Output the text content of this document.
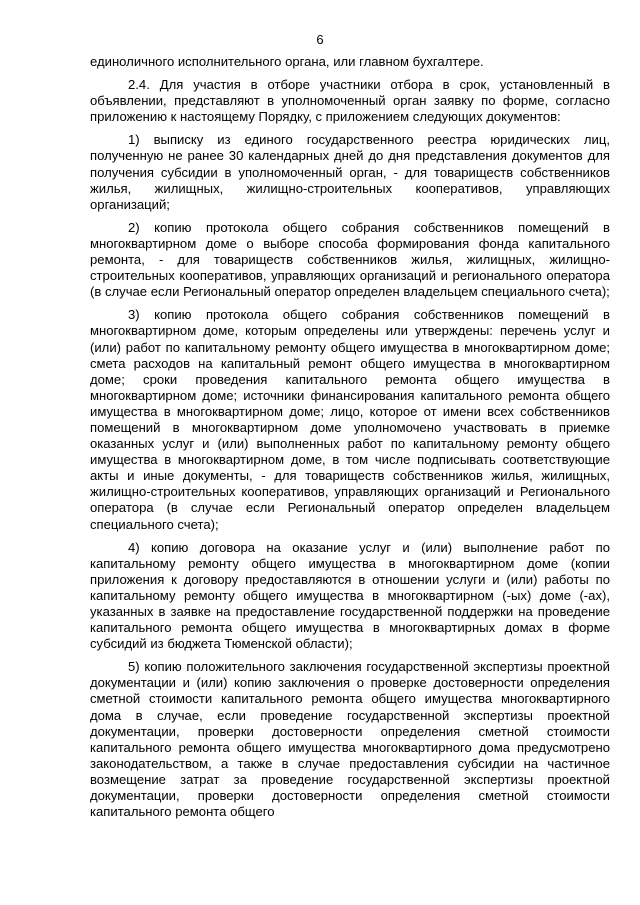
6

единоличного исполнительного органа, или главном бухгалтере.

2.4. Для участия в отборе участники отбора в срок, установленный в объявлении, представляют в уполномоченный орган заявку по форме, согласно приложению к настоящему Порядку, с приложением следующих документов:

1) выписку из единого государственного реестра юридических лиц, полученную не ранее 30 календарных дней до дня представления документов для получения субсидии в уполномоченный орган, - для товариществ собственников жилья, жилищных, жилищно-строительных кооперативов, управляющих организаций;

2) копию протокола общего собрания собственников помещений в многоквартирном доме о выборе способа формирования фонда капитального ремонта, - для товариществ собственников жилья, жилищных, жилищно-строительных кооперативов, управляющих организаций и регионального оператора (в случае если Региональный оператор определен владельцем специального счета);

3) копию протокола общего собрания собственников помещений в многоквартирном доме, которым определены или утверждены: перечень услуг и (или) работ по капитальному ремонту общего имущества в многоквартирном доме; смета расходов на капитальный ремонт общего имущества в многоквартирном доме; сроки проведения капитального ремонта общего имущества в многоквартирном доме; источники финансирования капитального ремонта общего имущества в многоквартирном доме; лицо, которое от имени всех собственников помещений в многоквартирном доме уполномочено участвовать в приемке оказанных услуг и (или) выполненных работ по капитальному ремонту общего имущества в многоквартирном доме, в том числе подписывать соответствующие акты и иные документы, - для товариществ собственников жилья, жилищных, жилищно-строительных кооперативов, управляющих организаций и Регионального оператора (в случае если Региональный оператор определен владельцем специального счета);

4) копию договора на оказание услуг и (или) выполнение работ по капитальному ремонту общего имущества в многоквартирном доме (копии приложения к договору предоставляются в отношении услуги и (или) работы по капитальному ремонту общего имущества в многоквартирном (-ых) доме (-ах), указанных в заявке на предоставление государственной поддержки на проведение капитального ремонта общего имущества в многоквартирных домах в форме субсидий из бюджета Тюменской области);

5) копию положительного заключения государственной экспертизы проектной документации и (или) копию заключения о проверке достоверности определения сметной стоимости капитального ремонта общего имущества многоквартирного дома в случае, если проведение государственной экспертизы проектной документации, проверки достоверности определения сметной стоимости капитального ремонта общего имущества многоквартирного дома предусмотрено законодательством, а также в случае предоставления субсидии на частичное возмещение затрат за проведение государственной экспертизы проектной документации, проверки достоверности определения сметной стоимости капитального ремонта общего
